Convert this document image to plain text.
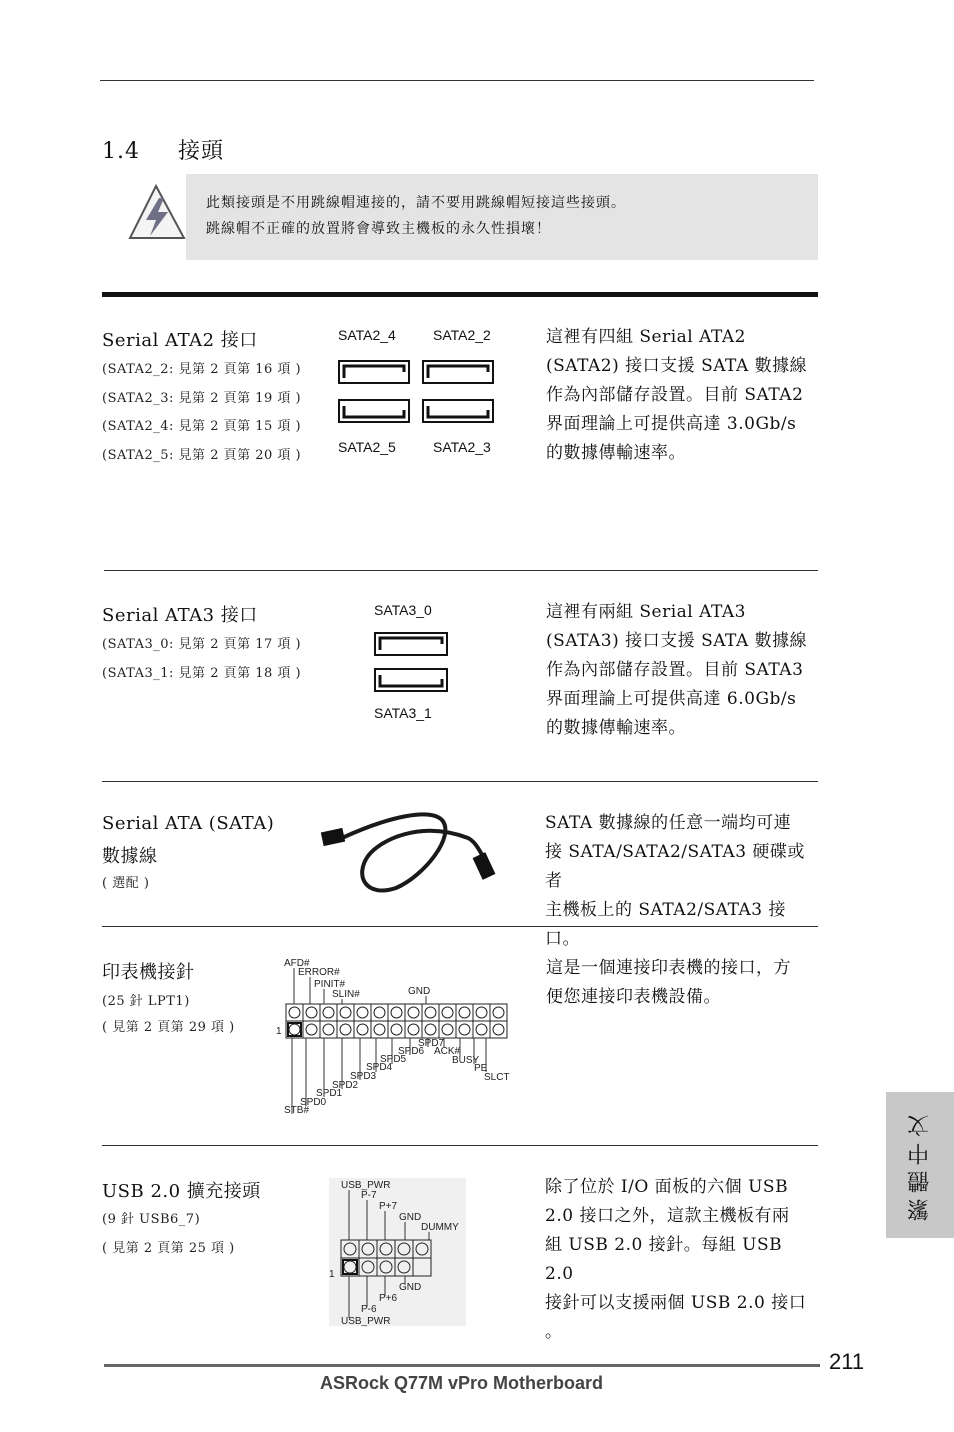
1.4 接頭
此類接頭是不用跳線帽連接的，請不要用跳線帽短接這些接頭。
跳線帽不正確的放置將會導致主機板的永久性損壞！
Serial ATA2 接口
(SATA2_2: 見第 2 頁第 16 項 )
(SATA2_3: 見第 2 頁第 19 項 )
(SATA2_4: 見第 2 頁第 15 項 )
(SATA2_5: 見第 2 頁第 20 項 )
SATA2_4	SATA2_2
SATA2_5	SATA2_3
這裡有四組 Serial ATA2
(SATA2) 接口支援 SATA 數據線
作為內部儲存設置。目前 SATA2
界面理論上可提供高達 3.0Gb/s
的數據傳輸速率。
Serial ATA3 接口
(SATA3_0: 見第 2 頁第 17 項 )
(SATA3_1: 見第 2 頁第 18 項 )
SATA3_0
SATA3_1
這裡有兩組 Serial ATA3
(SATA3) 接口支援 SATA 數據線
作為內部儲存設置。目前 SATA3
界面理論上可提供高達 6.0Gb/s
的數據傳輸速率。
Serial ATA (SATA)
數據線
( 選配 )
SATA 數據線的任意一端均可連
接 SATA/SATA2/SATA3 硬碟或者
主機板上的 SATA2/SATA3 接口。
印表機接針
(25 針 LPT1)
( 見第 2 頁第 29 項 )
AFD#
ERROR#
PINIT#
SLIN#	GND
1
SPD7
SPD6 ACK#
SPD5	BUSY
SPD4	PE
SPD3	SLCT
SPD2
SPD1
SPD0
STB#
這是一個連接印表機的接口，方
便您連接印表機設備。
USB 2.0 擴充接頭
(9 針 USB6_7)
( 見第 2 頁第 25 項 )
USB_PWR
P-7
P+7
GND
DUMMY
1
GND
P+6
P-6
USB_PWR
除了位於 I/O 面板的六個 USB
2.0 接口之外，這款主機板有兩
組 USB 2.0 接針。每組 USB 2.0
接針可以支援兩個 USB 2.0 接口
。
繁體中文
211
ASRock Q77M vPro Motherboard
